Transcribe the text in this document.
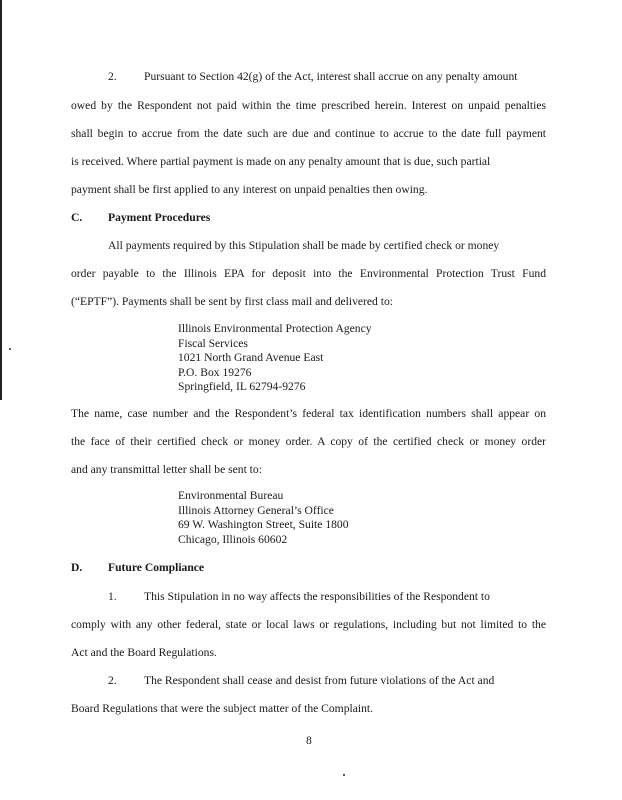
2. Pursuant to Section 42(g) of the Act, interest shall accrue on any penalty amount
owed by the Respondent not paid within the time prescribed herein. Interest on unpaid penalties
shall begin to accrue from the date such are due and continue to accrue to the date full payment
is received. Where partial payment is made on any penalty amount that is due, such partial
payment shall be first applied to any interest on unpaid penalties then owing.
C. Payment Procedures
All payments required by this Stipulation shall be made by certified check or money
order payable to the Illinois EPA for deposit into the Environmental Protection Trust Fund
(“EPTF”). Payments shall be sent by first class mail and delivered to:
Illinois Environmental Protection Agency
Fiscal Services
1021 North Grand Avenue East
P.O. Box 19276
Springfield, IL 62794-9276
The name, case number and the Respondent’s federal tax identification numbers shall appear on
the face of their certified check or money order. A copy of the certified check or money order
and any transmittal letter shall be sent to:
Environmental Bureau
Illinois Attorney General’s Office
69 W. Washington Street, Suite 1800
Chicago, Illinois 60602
D. Future Compliance
1. This Stipulation in no way affects the responsibilities of the Respondent to
comply with any other federal, state or local laws or regulations, including but not limited to the
Act and the Board Regulations.
2. The Respondent shall cease and desist from future violations of the Act and
Board Regulations that were the subject matter of the Complaint.
8
